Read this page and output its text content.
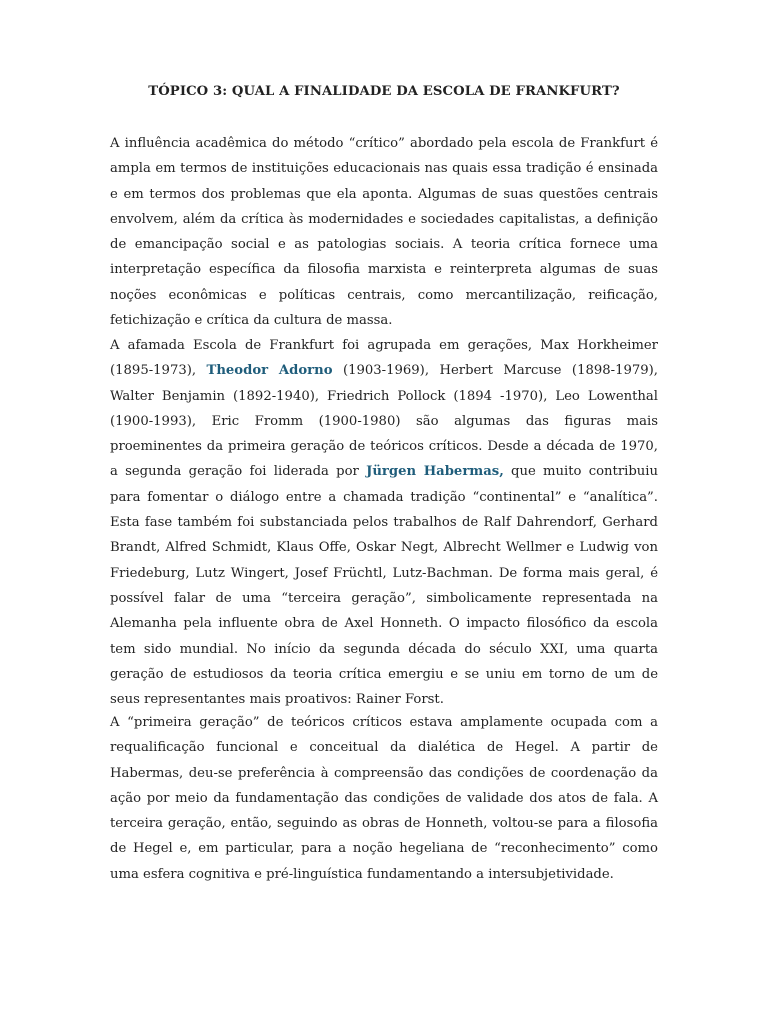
TÓPICO 3: QUAL A FINALIDADE DA ESCOLA DE FRANKFURT?

A influência acadêmica do método “crítico” abordado pela escola de Frankfurt é ampla em termos de instituições educacionais nas quais essa tradição é ensinada e em termos dos problemas que ela aponta. Algumas de suas questões centrais envolvem, além da crítica às modernidades e sociedades capitalistas, a definição de emancipação social e as patologias sociais. A teoria crítica fornece uma interpretação específica da filosofia marxista e reinterpreta algumas de suas noções econômicas e políticas centrais, como mercantilização, reificação, fetichização e crítica da cultura de massa.

A afamada Escola de Frankfurt foi agrupada em gerações, Max Horkheimer (1895-1973), Theodor Adorno (1903-1969), Herbert Marcuse (1898-1979), Walter Benjamin (1892-1940), Friedrich Pollock (1894 -1970), Leo Lowenthal (1900-1993), Eric Fromm (1900-1980) são algumas das figuras mais proeminentes da primeira geração de teóricos críticos. Desde a década de 1970, a segunda geração foi liderada por Jürgen Habermas, que muito contribuiu para fomentar o diálogo entre a chamada tradição “continental” e “analítica”. Esta fase também foi substanciada pelos trabalhos de Ralf Dahrendorf, Gerhard Brandt, Alfred Schmidt, Klaus Offe, Oskar Negt, Albrecht Wellmer e Ludwig von Friedeburg, Lutz Wingert, Josef Früchtl, Lutz-Bachman. De forma mais geral, é possível falar de uma “terceira geração”, simbolicamente representada na Alemanha pela influente obra de Axel Honneth. O impacto filosófico da escola tem sido mundial. No início da segunda década do século XXI, uma quarta geração de estudiosos da teoria crítica emergiu e se uniu em torno de um de seus representantes mais proativos: Rainer Forst.

A “primeira geração” de teóricos críticos estava amplamente ocupada com a requalificação funcional e conceitual da dialética de Hegel. A partir de Habermas, deu-se preferência à compreensão das condições de coordenação da ação por meio da fundamentação das condições de validade dos atos de fala. A terceira geração, então, seguindo as obras de Honneth, voltou-se para a filosofia de Hegel e, em particular, para a noção hegeliana de “reconhecimento” como uma esfera cognitiva e pré-linguística fundamentando a intersubjetividade.
